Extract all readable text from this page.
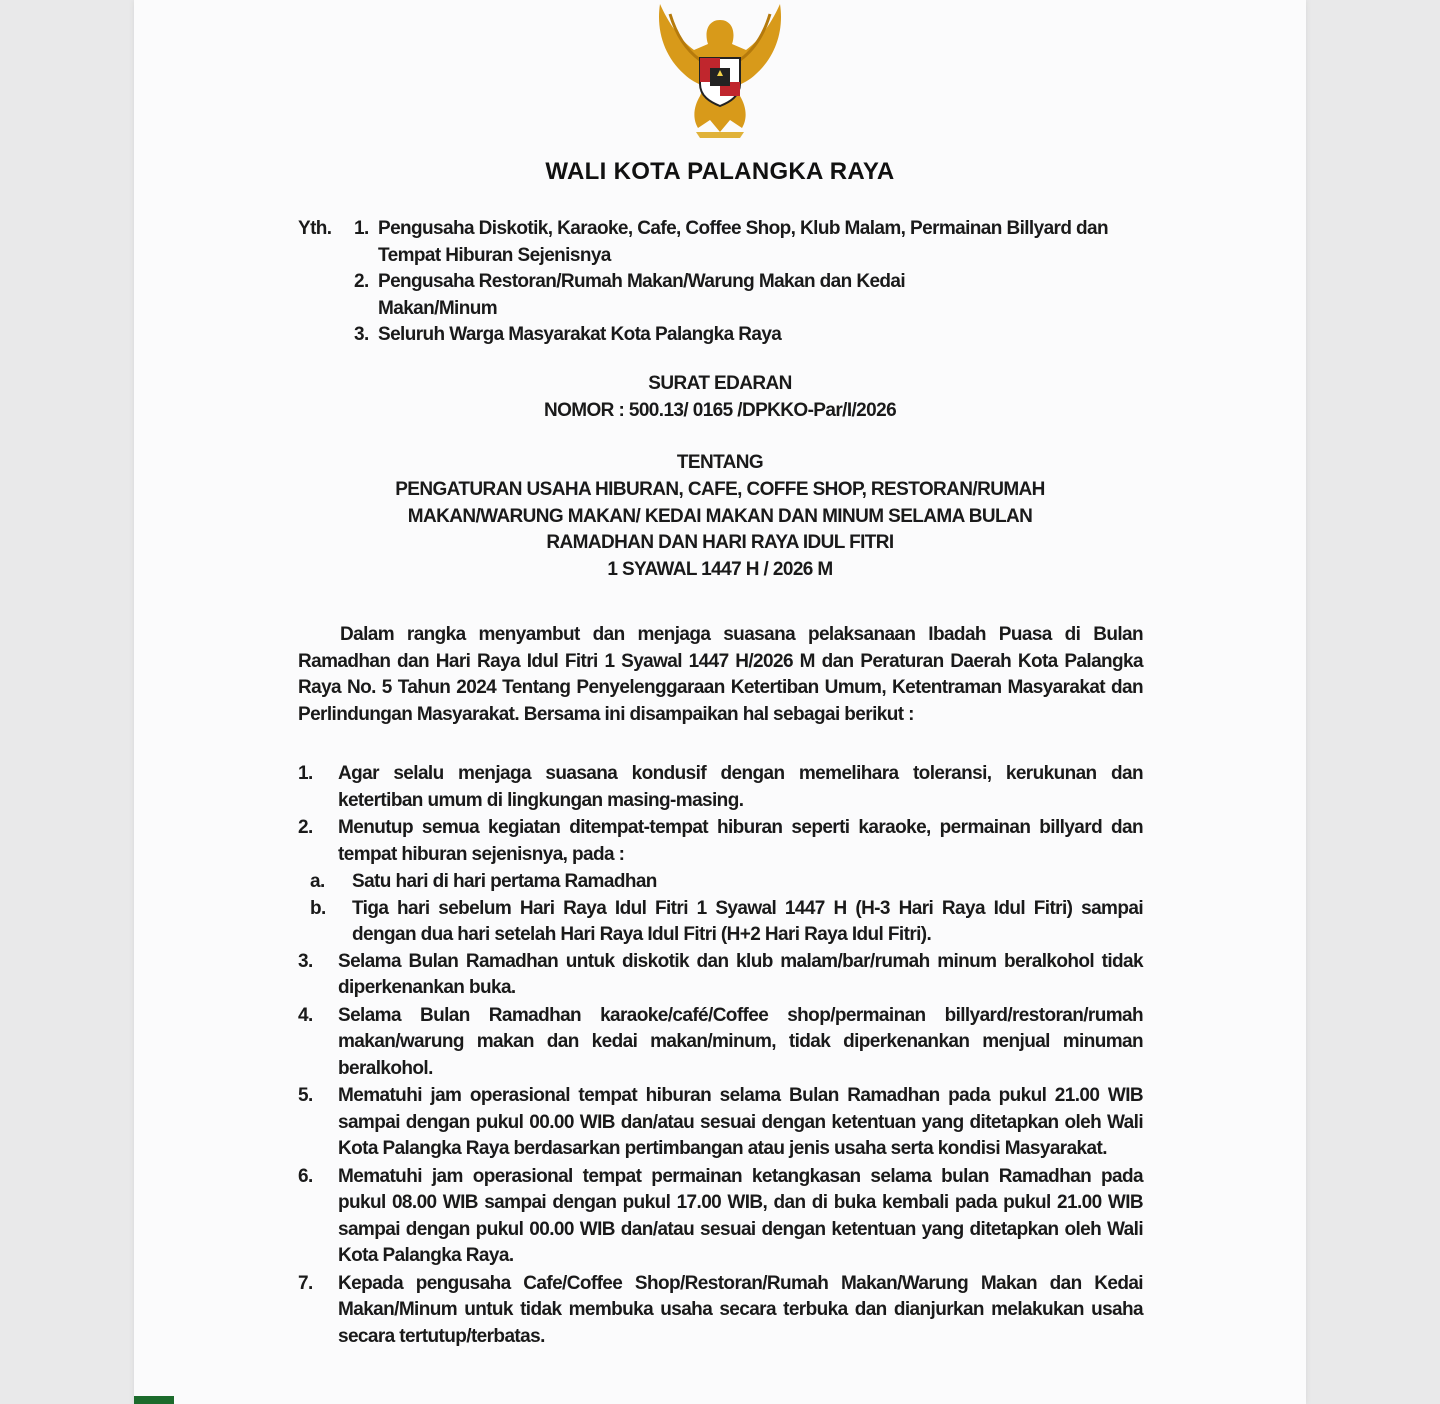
WALI KOTA PALANGKA RAYA
Yth. 1. Pengusaha Diskotik, Karaoke, Cafe, Coffee Shop, Klub Malam, Permainan Billyard dan Tempat Hiburan Sejenisnya
2. Pengusaha Restoran/Rumah Makan/Warung Makan dan Kedai Makan/Minum
3. Seluruh Warga Masyarakat Kota Palangka Raya
SURAT EDARAN
NOMOR : 500.13/ 0165 /DPKKO-Par/I/2026
TENTANG
PENGATURAN USAHA HIBURAN, CAFE, COFFE SHOP, RESTORAN/RUMAH
MAKAN/WARUNG MAKAN/ KEDAI MAKAN DAN MINUM SELAMA BULAN
RAMADHAN DAN HARI RAYA IDUL FITRI
1 SYAWAL 1447 H / 2026 M
Dalam rangka menyambut dan menjaga suasana pelaksanaan Ibadah Puasa di Bulan Ramadhan dan Hari Raya Idul Fitri 1 Syawal 1447 H/2026 M dan Peraturan Daerah Kota Palangka Raya No. 5 Tahun 2024 Tentang Penyelenggaraan Ketertiban Umum, Ketentraman Masyarakat dan Perlindungan Masyarakat. Bersama ini disampaikan hal sebagai berikut :
1. Agar selalu menjaga suasana kondusif dengan memelihara toleransi, kerukunan dan ketertiban umum di lingkungan masing-masing.
2. Menutup semua kegiatan ditempat-tempat hiburan seperti karaoke, permainan billyard dan tempat hiburan sejenisnya, pada :
a. Satu hari di hari pertama Ramadhan
b. Tiga hari sebelum Hari Raya Idul Fitri 1 Syawal 1447 H (H-3 Hari Raya Idul Fitri) sampai dengan dua hari setelah Hari Raya Idul Fitri (H+2 Hari Raya Idul Fitri).
3. Selama Bulan Ramadhan untuk diskotik dan klub malam/bar/rumah minum beralkohol tidak diperkenankan buka.
4. Selama Bulan Ramadhan karaoke/café/Coffee shop/permainan billyard/restoran/rumah makan/warung makan dan kedai makan/minum, tidak diperkenankan menjual minuman beralkohol.
5. Mematuhi jam operasional tempat hiburan selama Bulan Ramadhan pada pukul 21.00 WIB sampai dengan pukul 00.00 WIB dan/atau sesuai dengan ketentuan yang ditetapkan oleh Wali Kota Palangka Raya berdasarkan pertimbangan atau jenis usaha serta kondisi Masyarakat.
6. Mematuhi jam operasional tempat permainan ketangkasan selama bulan Ramadhan pada pukul 08.00 WIB sampai dengan pukul 17.00 WIB, dan di buka kembali pada pukul 21.00 WIB sampai dengan pukul 00.00 WIB dan/atau sesuai dengan ketentuan yang ditetapkan oleh Wali Kota Palangka Raya.
7. Kepada pengusaha Cafe/Coffee Shop/Restoran/Rumah Makan/Warung Makan dan Kedai Makan/Minum untuk tidak membuka usaha secara terbuka dan dianjurkan melakukan usaha secara tertutup/terbatas.
